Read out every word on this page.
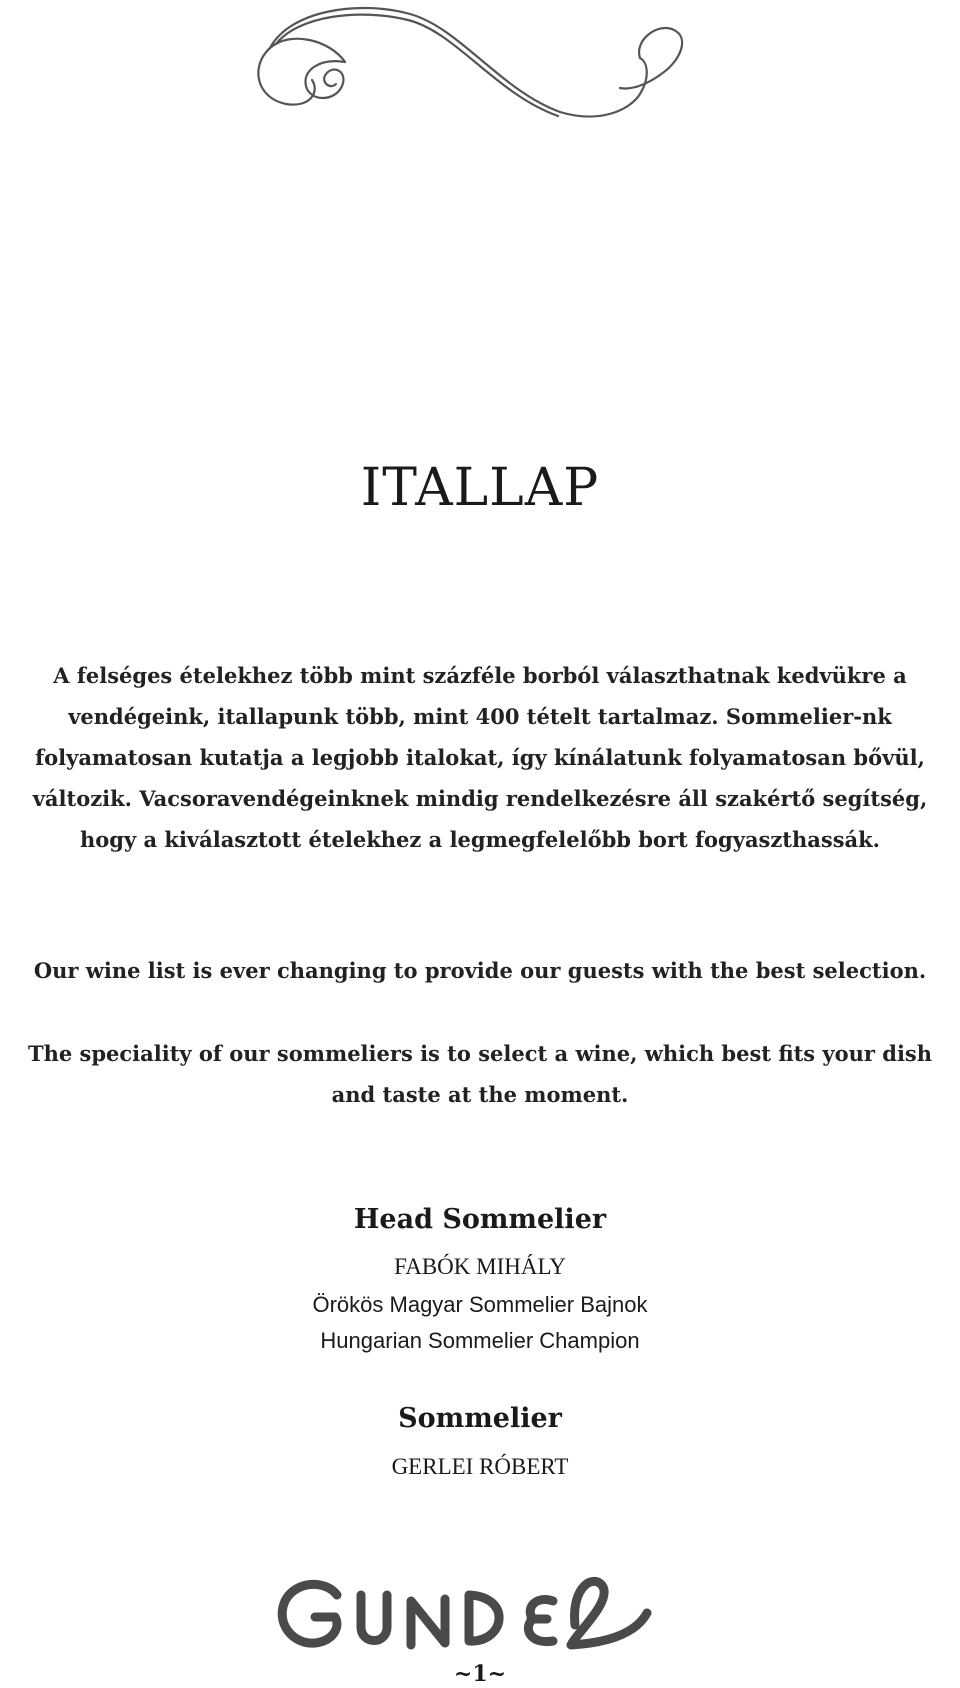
ITALLAP

A felséges ételekhez több mint százféle borból választhatnak kedvükre a vendégeink, itallapunk több, mint 400 tételt tartalmaz. Sommelier-nk folyamatosan kutatja a legjobb italokat, így kínálatunk folyamatosan bővül, változik. Vacsoravendégeinknek mindig rendelkezésre áll szakértő segítség, hogy a kiválasztott ételekhez a legmegfelelőbb bort fogyaszthassák.

Our wine list is ever changing to provide our guests with the best selection.

The speciality of our sommeliers is to select a wine, which best fits your dish and taste at the moment.

Head Sommelier
FABÓK MIHÁLY
Örökös Magyar Sommelier Bajnok
Hungarian Sommelier Champion
Sommelier
GERLEI RÓBERT
~1~
